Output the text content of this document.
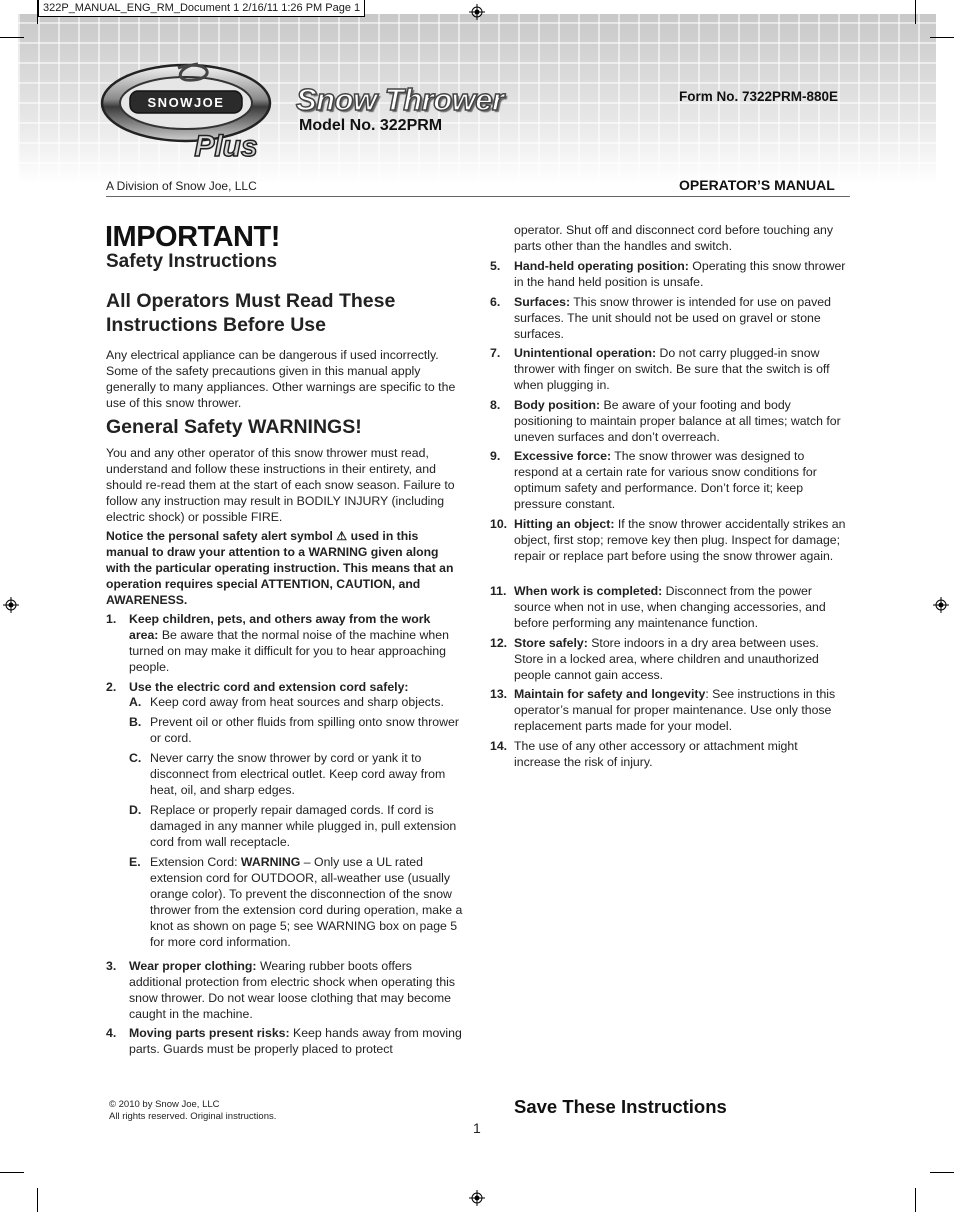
322P_MANUAL_ENG_RM_Document 1 2/16/11 1:26 PM Page 1
SNOWJOE
Plus
Snow Thrower
Model No. 322PRM
Form No. 7322PRM-880E
A Division of Snow Joe, LLC	OPERATOR’S MANUAL
IMPORTANT!
Safety Instructions
All Operators Must Read These Instructions Before Use
Any electrical appliance can be dangerous if used incorrectly. Some of the safety precautions given in this manual apply generally to many appliances. Other warnings are specific to the use of this snow thrower.
General Safety WARNINGS!
You and any other operator of this snow thrower must read, understand and follow these instructions in their entirety, and should re-read them at the start of each snow season. Failure to follow any instruction may result in BODILY INJURY (including electric shock) or possible FIRE.
Notice the personal safety alert symbol ⚠ used in this manual to draw your attention to a WARNING given along with the particular operating instruction. This means that an operation requires special ATTENTION, CAUTION, and AWARENESS.
1. Keep children, pets, and others away from the work area: Be aware that the normal noise of the machine when turned on may make it difficult for you to hear approaching people.
2. Use the electric cord and extension cord safely:
A. Keep cord away from heat sources and sharp objects.
B. Prevent oil or other fluids from spilling onto snow thrower or cord.
C. Never carry the snow thrower by cord or yank it to disconnect from electrical outlet. Keep cord away from heat, oil, and sharp edges.
D. Replace or properly repair damaged cords. If cord is damaged in any manner while plugged in, pull extension cord from wall receptacle.
E. Extension Cord: WARNING – Only use a UL rated extension cord for OUTDOOR, all-weather use (usually orange color). To prevent the disconnection of the snow thrower from the extension cord during operation, make a knot as shown on page 5; see WARNING box on page 5 for more cord information.
3. Wear proper clothing: Wearing rubber boots offers additional protection from electric shock when operating this snow thrower. Do not wear loose clothing that may become caught in the machine.
4. Moving parts present risks: Keep hands away from moving parts. Guards must be properly placed to protect
operator. Shut off and disconnect cord before touching any parts other than the handles and switch.
5. Hand-held operating position: Operating this snow thrower in the hand held position is unsafe.
6. Surfaces: This snow thrower is intended for use on paved surfaces. The unit should not be used on gravel or stone surfaces.
7. Unintentional operation: Do not carry plugged-in snow thrower with finger on switch. Be sure that the switch is off when plugging in.
8. Body position: Be aware of your footing and body positioning to maintain proper balance at all times; watch for uneven surfaces and don’t overreach.
9. Excessive force: The snow thrower was designed to respond at a certain rate for various snow conditions for optimum safety and performance. Don’t force it; keep pressure constant.
10. Hitting an object: If the snow thrower accidentally strikes an object, first stop; remove key then plug. Inspect for damage; repair or replace part before using the snow thrower again.
11. When work is completed: Disconnect from the power source when not in use, when changing accessories, and before performing any maintenance function.
12. Store safely: Store indoors in a dry area between uses. Store in a locked area, where children and unauthorized people cannot gain access.
13. Maintain for safety and longevity: See instructions in this operator’s manual for proper maintenance. Use only those replacement parts made for your model.
14. The use of any other accessory or attachment might increase the risk of injury.
© 2010 by Snow Joe, LLC
All rights reserved. Original instructions.	Save These Instructions
1
